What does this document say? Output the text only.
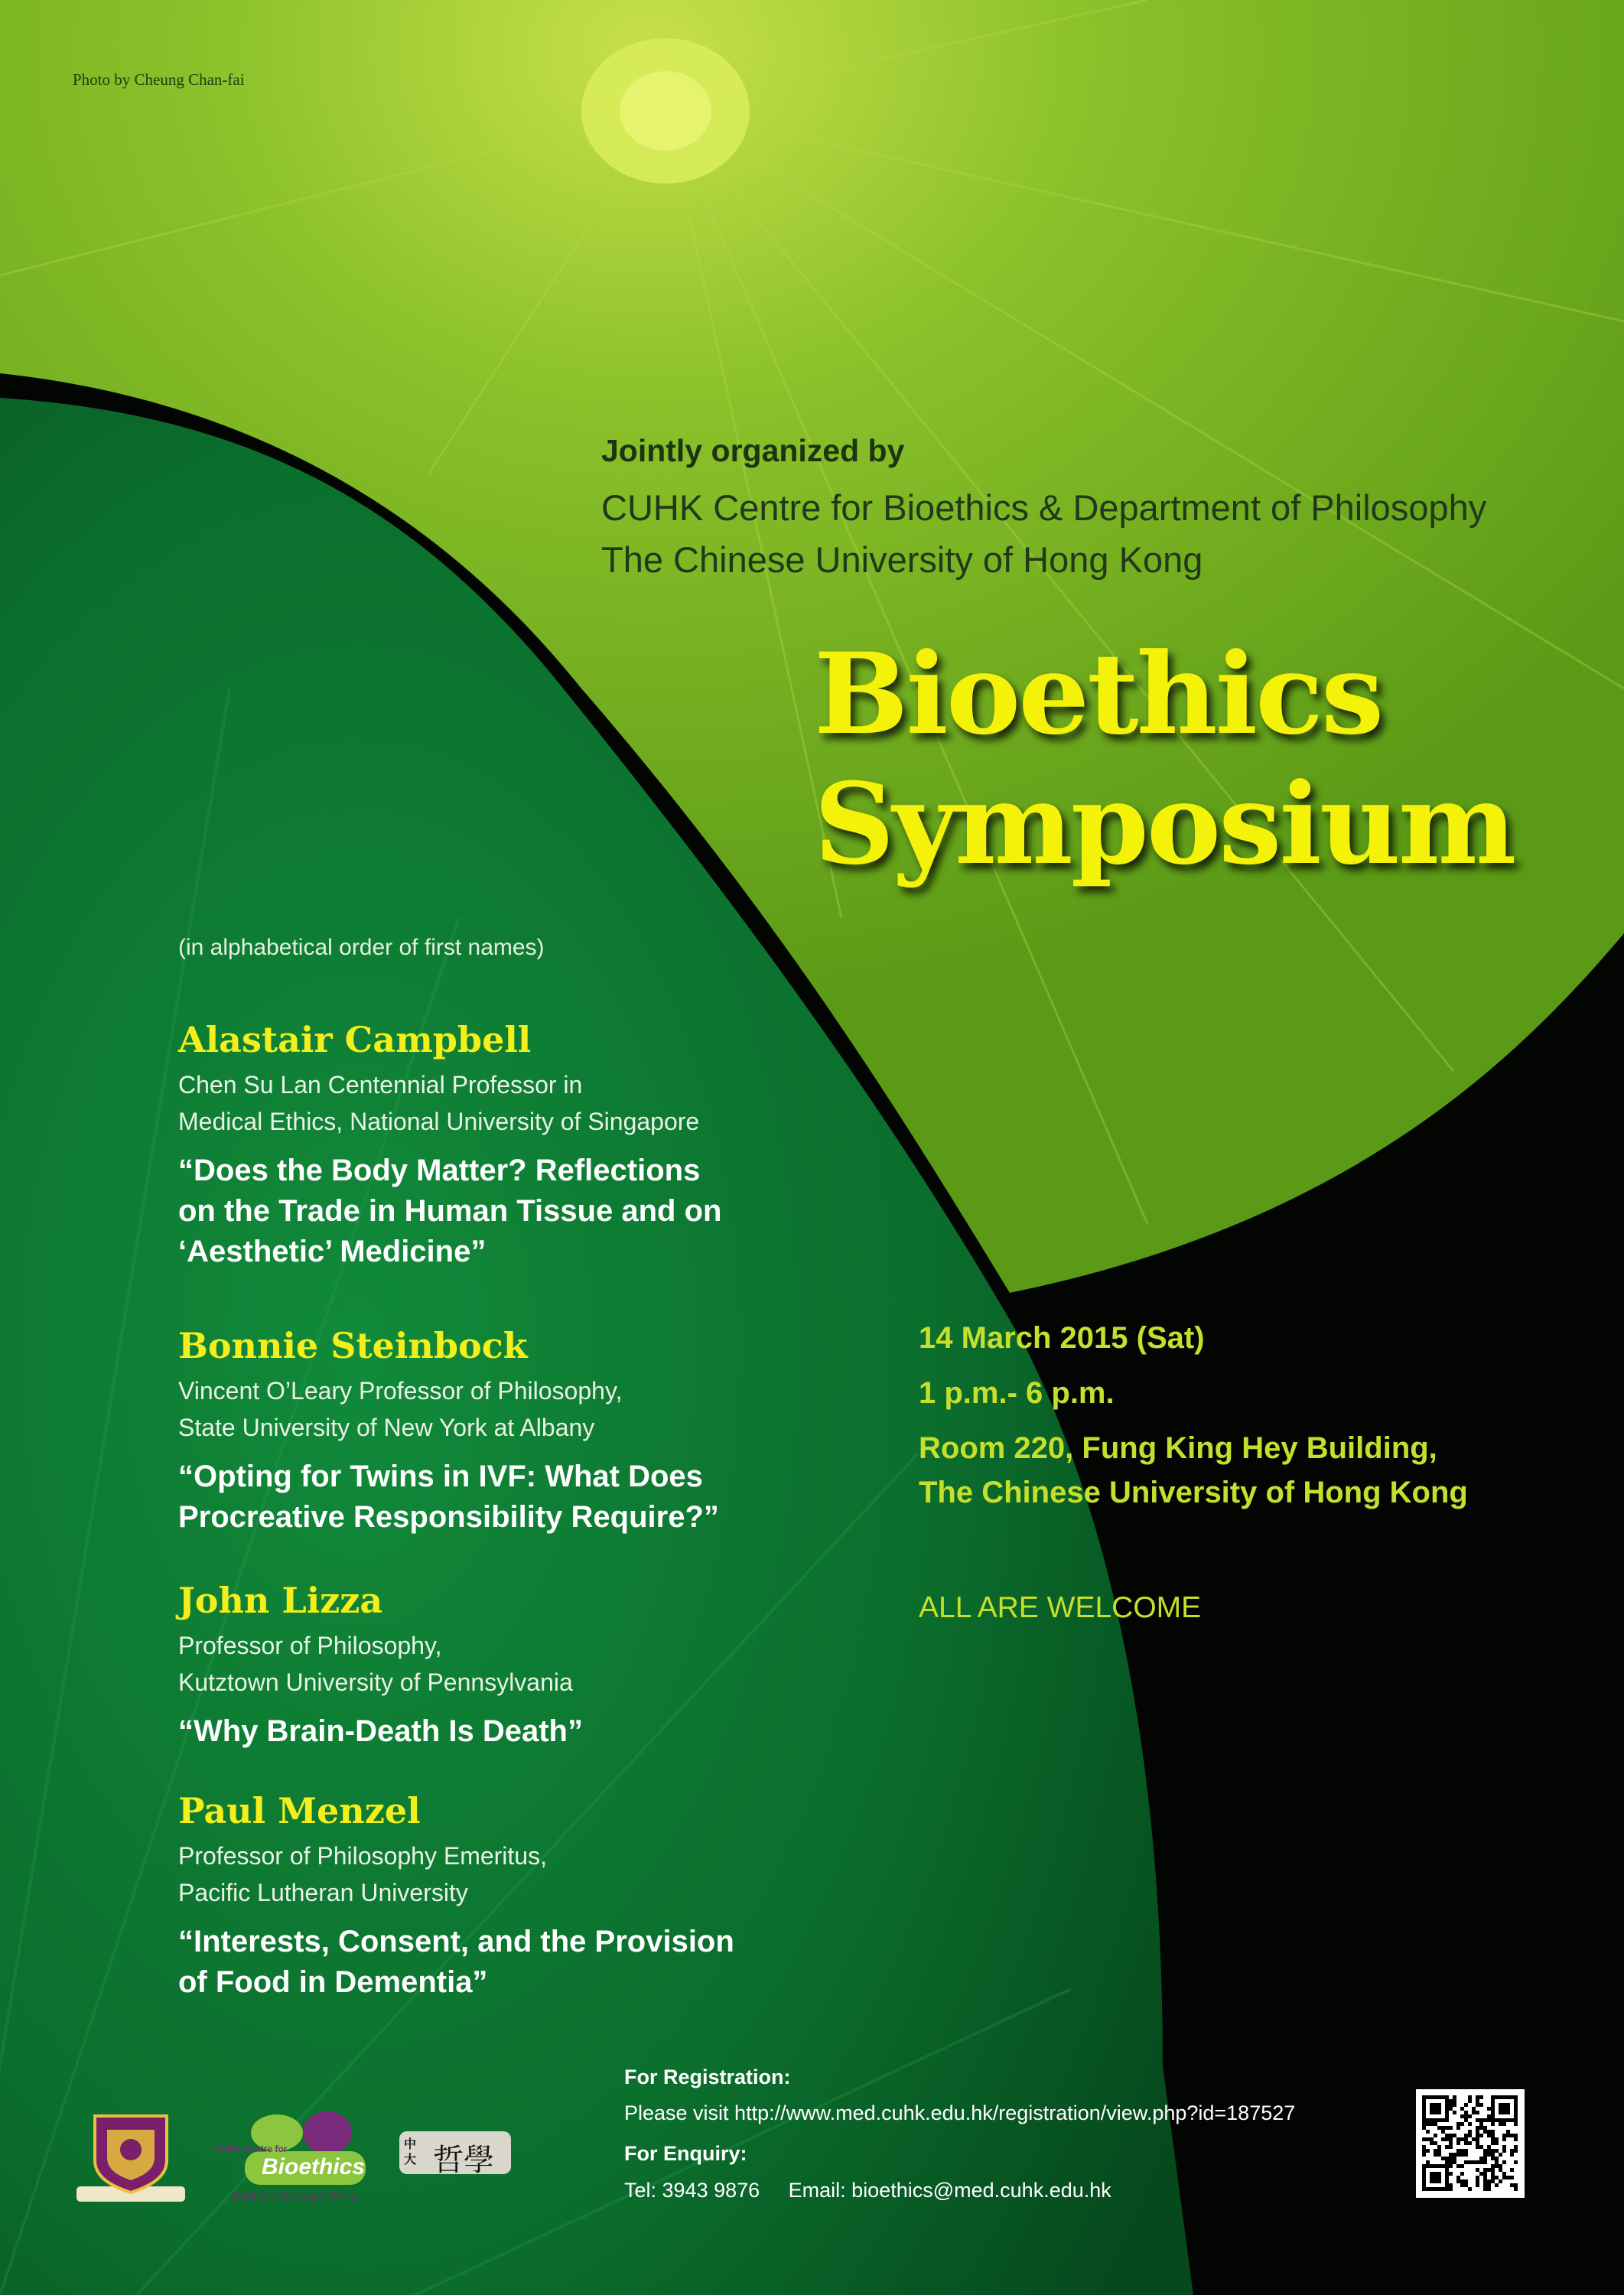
Photo by Cheung Chan-fai
Jointly organized by
CUHK Centre for Bioethics & Department of Philosophy
The Chinese University of Hong Kong
Bioethics
Symposium
(in alphabetical order of first names)
Alastair Campbell
Chen Su Lan Centennial Professor in
Medical Ethics, National University of Singapore
“Does the Body Matter? Reflections
on the Trade in Human Tissue and on
‘Aesthetic’ Medicine”
Bonnie Steinbock
Vincent O’Leary Professor of Philosophy,
State University of New York at Albany
“Opting for Twins in IVF: What Does
Procreative Responsibility Require?”
John Lizza
Professor of Philosophy,
Kutztown University of Pennsylvania
“Why Brain-Death Is Death”
Paul Menzel
Professor of Philosophy Emeritus,
Pacific Lutheran University
“Interests, Consent, and the Provision
of Food in Dementia”
14 March 2015 (Sat)
1 p.m.- 6 p.m.
Room 220, Fung King Hey Building,
The Chinese University of Hong Kong
ALL ARE WELCOME
For Registration:
Please visit http://www.med.cuhk.edu.hk/registration/view.php?id=187527
For Enquiry:
Tel: 3943 9876     Email: bioethics@med.cuhk.edu.hk
CUHK Centre for
Bioethics
香港中文大學生命倫理學中心
中大 哲學
